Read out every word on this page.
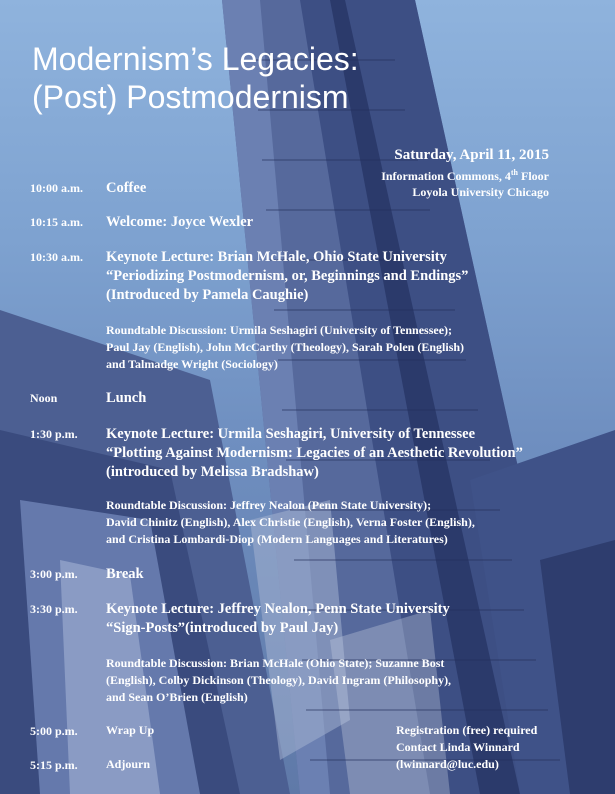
Modernism’s Legacies:
(Post) Postmodernism
Saturday, April 11, 2015
Information Commons, 4th Floor
Loyola University Chicago
10:00 a.m.	Coffee
10:15 a.m.	Welcome: Joyce Wexler
10:30 a.m.	Keynote Lecture: Brian McHale, Ohio State University
“Periodizing Postmodernism, or, Beginnings and Endings”
(Introduced by Pamela Caughie)
Roundtable Discussion: Urmila Seshagiri (University of Tennessee);
Paul Jay (English), John McCarthy (Theology), Sarah Polen (English)
and Talmadge Wright (Sociology)
Noon	Lunch
1:30 p.m.	Keynote Lecture: Urmila Seshagiri, University of Tennessee
“Plotting Against Modernism: Legacies of an Aesthetic Revolution”
(introduced by Melissa Bradshaw)
Roundtable Discussion: Jeffrey Nealon (Penn State University);
David Chinitz (English), Alex Christie (English), Verna Foster (English),
and Cristina Lombardi-Diop (Modern Languages and Literatures)
3:00 p.m.	Break
3:30 p.m.	Keynote Lecture: Jeffrey Nealon, Penn State University
“Sign-Posts”(introduced by Paul Jay)
Roundtable Discussion: Brian McHale (Ohio State); Suzanne Bost
(English), Colby Dickinson (Theology), David Ingram (Philosophy),
and Sean O’Brien (English)
5:00 p.m.	Wrap Up
5:15 p.m.	Adjourn
Registration (free) required
Contact Linda Winnard
(lwinnard@luc.edu)
